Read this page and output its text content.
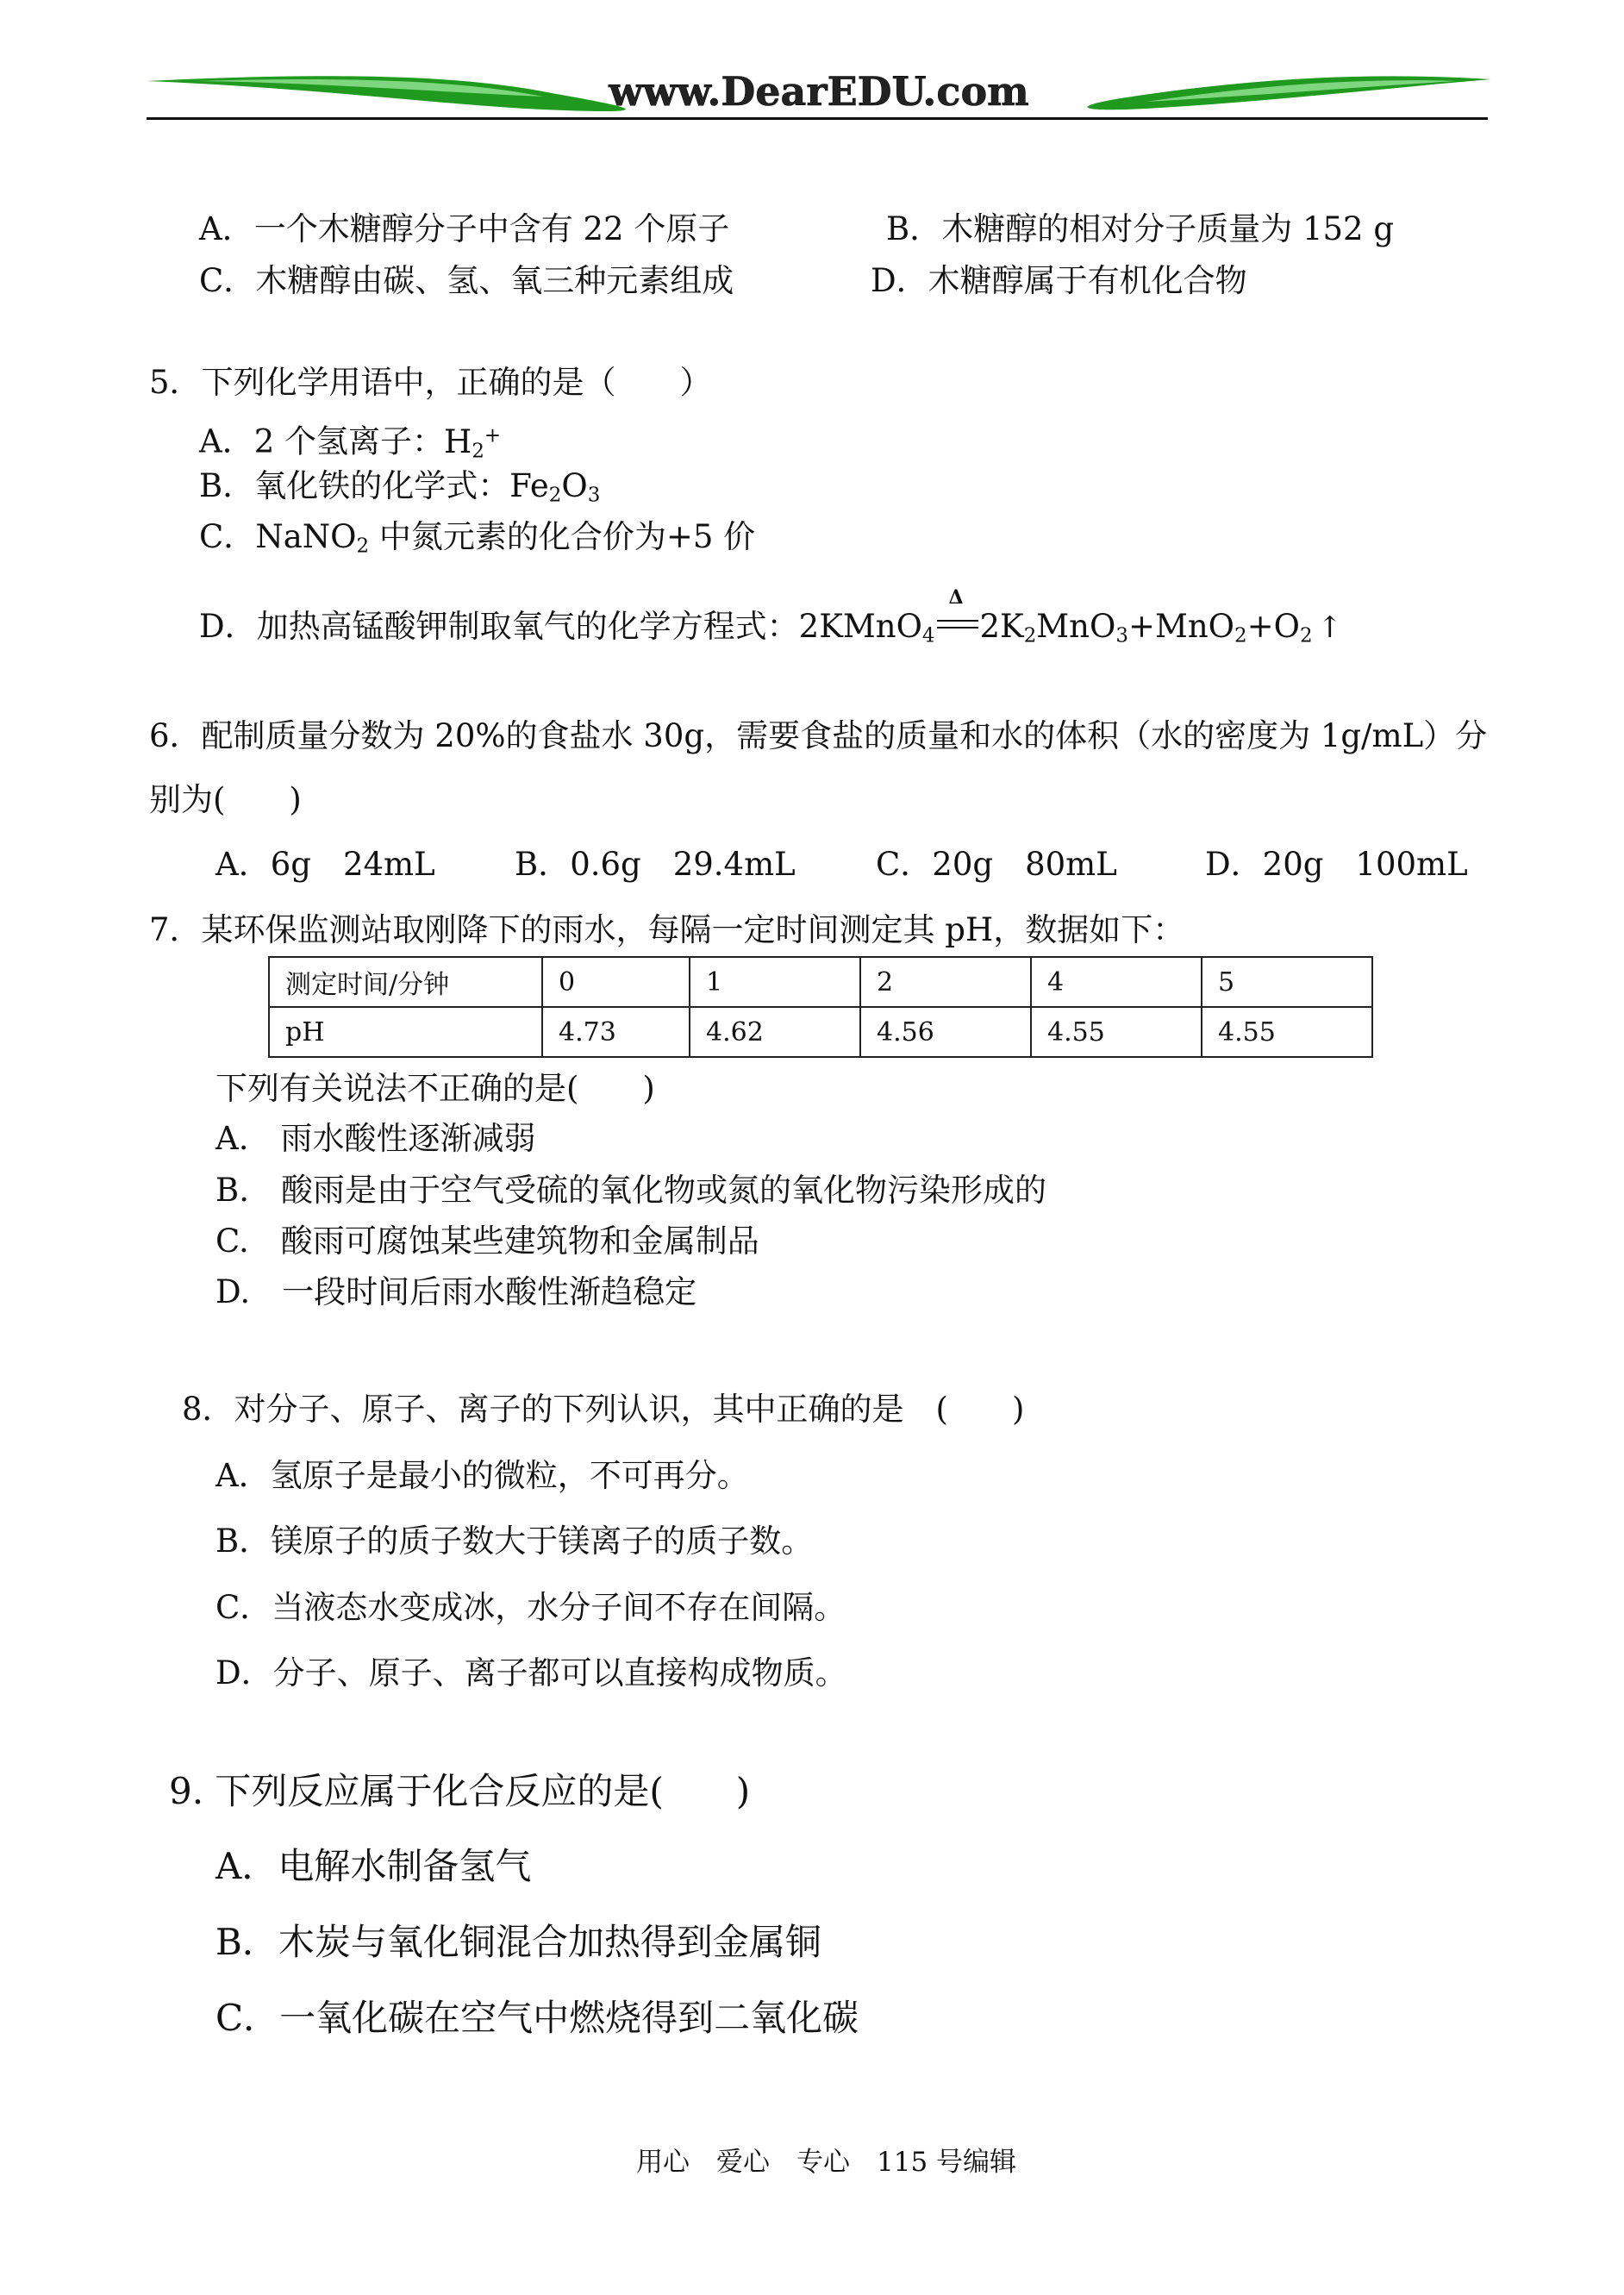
www.DearEDU.com
A．一个木糖醇分子中含有 22 个原子	B．木糖醇的相对分子质量为 152 g
C．木糖醇由碳、氢、氧三种元素组成	D．木糖醇属于有机化合物
5．下列化学用语中，正确的是（　　）
A．2 个氢离子：$H_2^+$
B．氧化铁的化学式：$Fe_2O_3$
C．NaNO$_2$ 中氮元素的化合价为+5 价
D．加热高锰酸钾制取氧气的化学方程式：2KMnO$_4$
Δ
$2K_2MnO_3+MnO_2+O_2$ ↑
6．配制质量分数为 20%的食盐水 30g，需要食盐的质量和水的体积（水的密度为 1g/mL）分
别为(　　)
A．6g　24mL B．0.6g　29.4mL	C．20g　80mL	D．20g　100mL
7．某环保监测站取刚降下的雨水，每隔一定时间测定其 pH，数据如下：
测定时间/分钟	0	1	2	4	5
pH	4.73	4.62	4.56	4.55	4.55
下列有关说法不正确的是(　　)
A.　雨水酸性逐渐减弱
B.　酸雨是由于空气受硫的氧化物或氮的氧化物污染形成的
C.　酸雨可腐蚀某些建筑物和金属制品
D.　一段时间后雨水酸性渐趋稳定
8．对分子、原子、离子的下列认识，其中正确的是　(　　)
A．氢原子是最小的微粒，不可再分。
B．镁原子的质子数大于镁离子的质子数。
C．当液态水变成冰，水分子间不存在间隔。
D．分子、原子、离子都可以直接构成物质。
9. 下列反应属于化合反应的是(　　)
A．电解水制备氢气
B．木炭与氧化铜混合加热得到金属铜
C．一氧化碳在空气中燃烧得到二氧化碳
用心　爱心　专心　115 号编辑
